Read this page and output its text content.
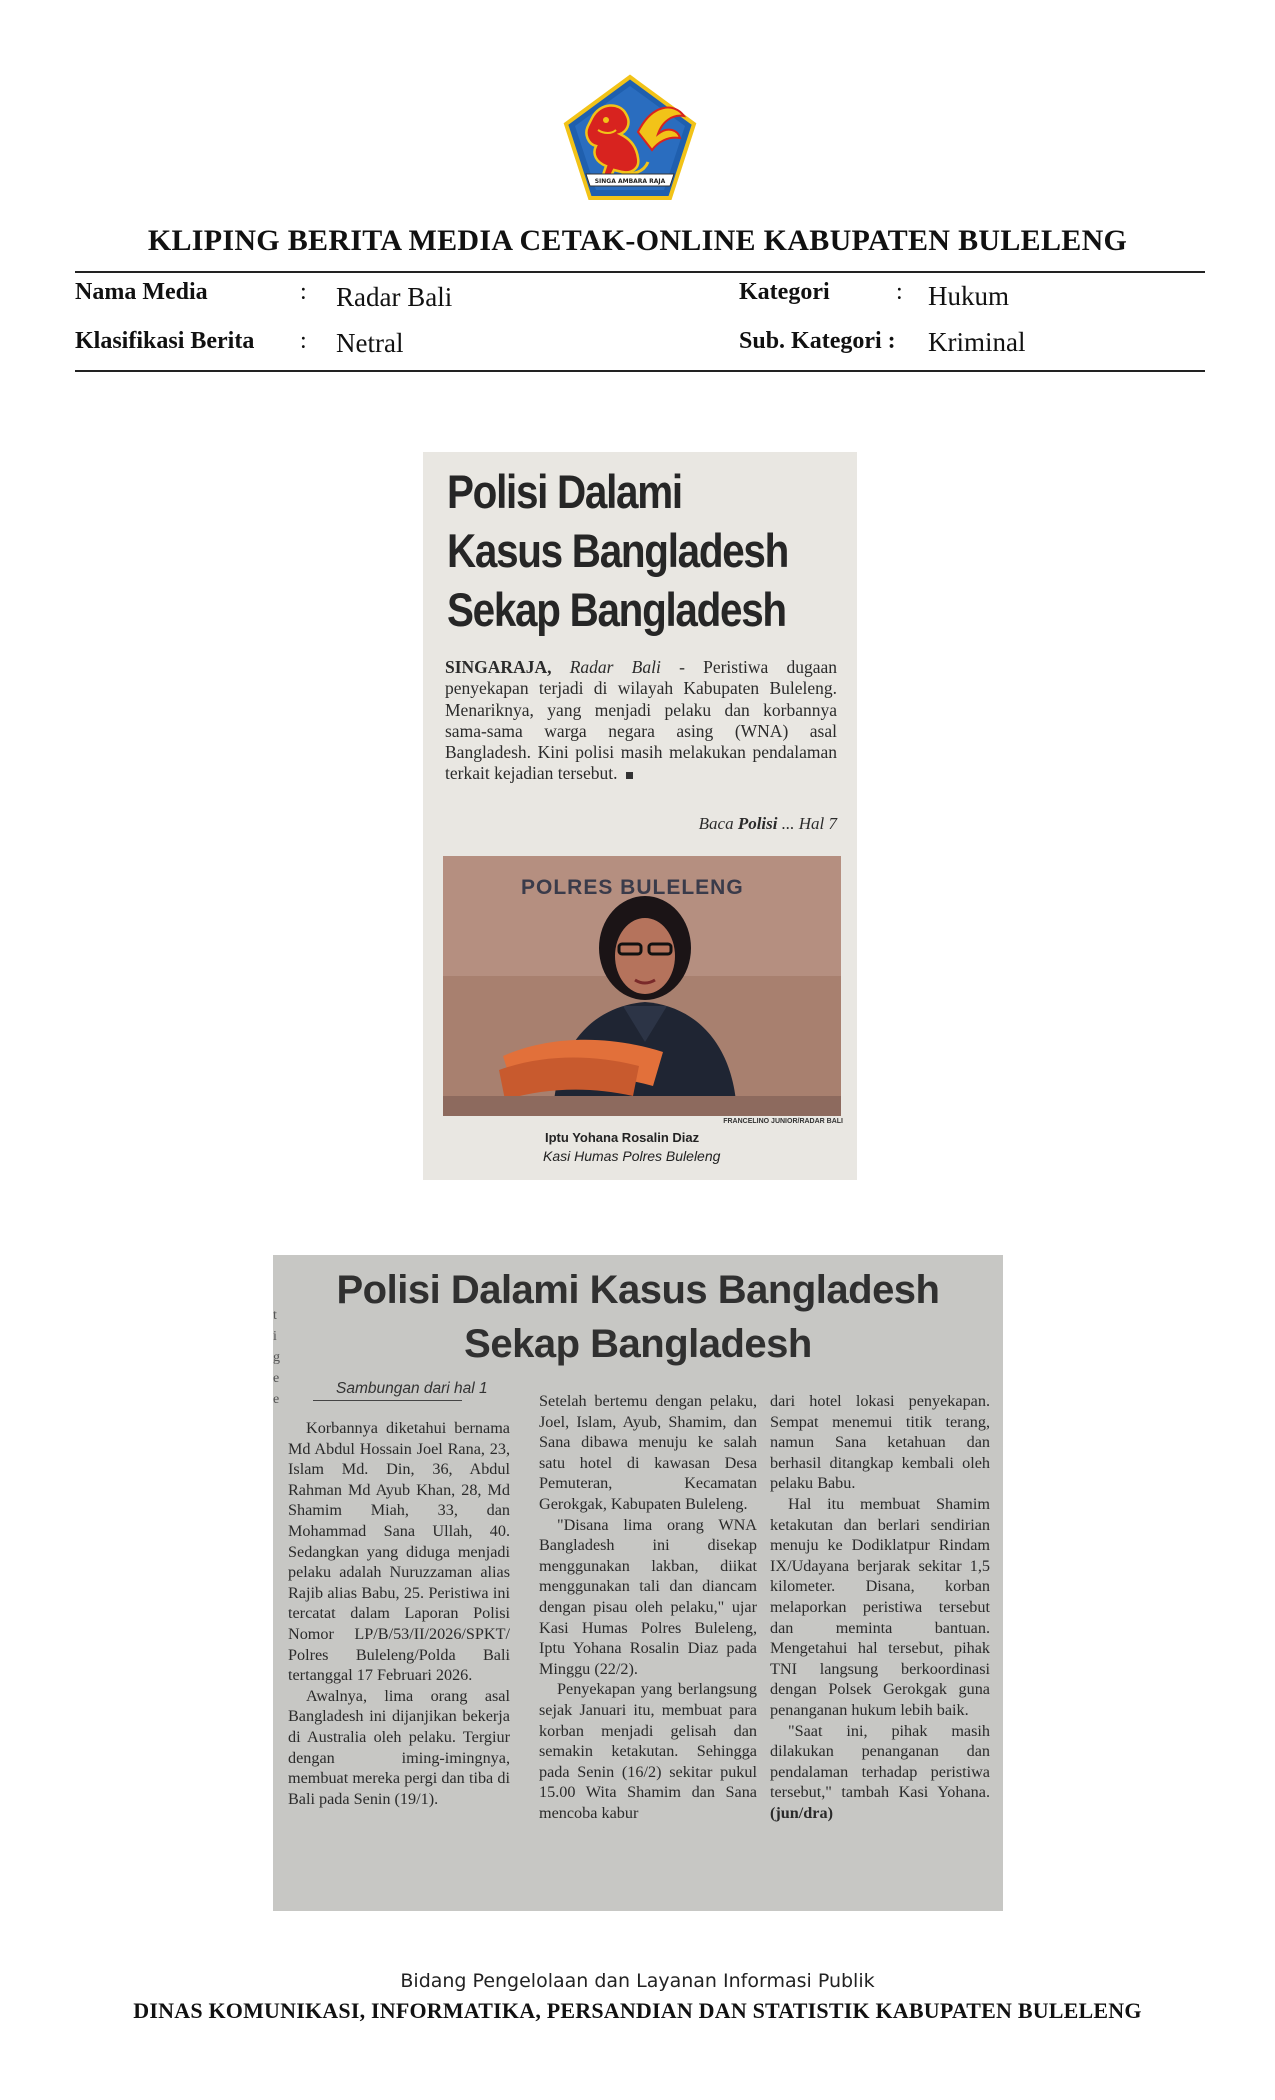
SINGA AMBARA RAJA
KLIPING BERITA MEDIA CETAK-ONLINE KABUPATEN BULELENG
Nama Media	: Radar Bali
Klasifikasi Berita : Netral
Kategori	: Hukum
Sub. Kategori : Kriminal
Polisi Dalami Kasus Bangladesh Sekap Bangladesh
SINGARAJA, Radar Bali - Peristiwa dugaan penyekapan terjadi di wilayah Kabupaten Buleleng. Menariknya, yang menjadi pelaku dan korbannya sama-sama warga negara asing (WNA) asal Bangladesh. Kini polisi masih melakukan pendalaman terkait kejadian tersebut.
Baca Polisi ... Hal 7
POLRES BULELENG
FRANCELINO JUNIOR/RADAR BALI
Iptu Yohana Rosalin Diaz
Kasi Humas Polres Buleleng
t
i
g
e
e
Polisi Dalami Kasus Bangladesh
Sekap Bangladesh
Sambungan dari hal 1

Korbannya diketahui bernama Md Abdul Hossain Joel Rana, 23, Islam Md. Din, 36, Abdul Rahman Md Ayub Khan, 28, Md Shamim Miah, 33, dan Mohammad Sana Ullah, 40. Sedangkan yang diduga menjadi pelaku adalah Nuruzzaman alias Rajib alias Babu, 25. Peristiwa ini tercatat dalam Laporan Polisi Nomor LP/B/53/II/2026/SPKT/ Polres Buleleng/Polda Bali tertanggal 17 Februari 2026.

Awalnya, lima orang asal Bangladesh ini dijanjikan bekerja di Australia oleh pelaku. Tergiur dengan iming-imingnya, membuat mereka pergi dan tiba di Bali pada Senin (19/1).

Setelah bertemu dengan pelaku, Joel, Islam, Ayub, Shamim, dan Sana dibawa menuju ke salah satu hotel di kawasan Desa Pemuteran, Kecamatan Gerokgak, Kabupaten Buleleng.

"Disana lima orang WNA Bangladesh ini disekap menggunakan lakban, diikat menggunakan tali dan diancam dengan pisau oleh pelaku," ujar Kasi Humas Polres Buleleng, Iptu Yohana Rosalin Diaz pada Minggu (22/2).

Penyekapan yang berlangsung sejak Januari itu, membuat para korban menjadi gelisah dan semakin ketakutan. Sehingga pada Senin (16/2) sekitar pukul 15.00 Wita Shamim dan Sana mencoba kabur

dari hotel lokasi penyekapan. Sempat menemui titik terang, namun Sana ketahuan dan berhasil ditangkap kembali oleh pelaku Babu.

Hal itu membuat Shamim ketakutan dan berlari sendirian menuju ke Dodiklatpur Rindam IX/Udayana berjarak sekitar 1,5 kilometer. Disana, korban melaporkan peristiwa tersebut dan meminta bantuan. Mengetahui hal tersebut, pihak TNI langsung berkoordinasi dengan Polsek Gerokgak guna penanganan hukum lebih baik.

"Saat ini, pihak masih dilakukan penanganan dan pendalaman terhadap peristiwa tersebut," tambah Kasi Yohana. (jun/dra)

Bidang Pengelolaan dan Layanan Informasi Publik
DINAS KOMUNIKASI, INFORMATIKA, PERSANDIAN DAN STATISTIK KABUPATEN BULELENG
